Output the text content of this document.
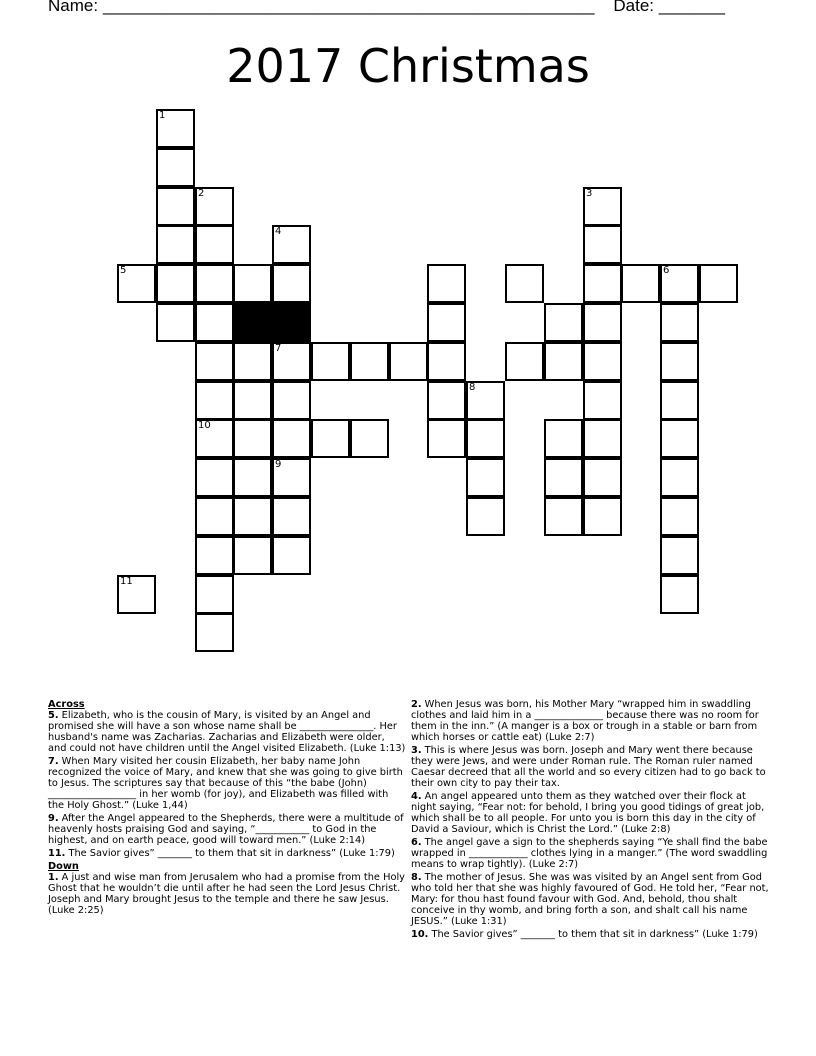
Name: ____________________________________________________ Date: _______
2017 Christmas
1
2
10
4
7
9
8
3
6
5
11
Across
5. Elizabeth, who is the cousin of Mary, is visited by an Angel and promised she will have a son whose name shall be _______________. Her husband's name was Zacharias. Zacharias and Elizabeth were older, and could not have children until the Angel visited Elizabeth. (Luke 1:13)
7. When Mary visited her cousin Elizabeth, her baby name John recognized the voice of Mary, and knew that she was going to give birth to Jesus. The scriptures say that because of this “the babe (John) __________________ in her womb (for joy), and Elizabeth was filled with the Holy Ghost.” (Luke 1,44)
9. After the Angel appeared to the Shepherds, there were a multitude of heavenly hosts praising God and saying, “___________ to God in the highest, and on earth peace, good will toward men.” (Luke 2:14)
11. The Savior gives” _______ to them that sit in darkness” (Luke 1:79)
Down
1. A just and wise man from Jerusalem who had a promise from the Holy Ghost that he wouldn’t die until after he had seen the Lord Jesus Christ. Joseph and Mary brought Jesus to the temple and there he saw Jesus. (Luke 2:25)
2. When Jesus was born, his Mother Mary “wrapped him in swaddling clothes and laid him in a ______________ because there was no room for them in the inn.” (A manger is a box or trough in a stable or barn from which horses or cattle eat) (Luke 2:7)
3. This is where Jesus was born. Joseph and Mary went there because they were Jews, and were under Roman rule. The Roman ruler named Caesar decreed that all the world and so every citizen had to go back to their own city to pay their tax.
4. An angel appeared unto them as they watched over their flock at night saying, “Fear not: for behold, I bring you good tidings of great job, which shall be to all people. For unto you is born this day in the city of David a Saviour, which is Christ the Lord.” (Luke 2:8)
6. The angel gave a sign to the shepherds saying “Ye shall find the babe wrapped in ____________ clothes lying in a manger.” (The word swaddling means to wrap tightly). (Luke 2:7)
8. The mother of Jesus. She was was visited by an Angel sent from God who told her that she was highly favoured of God. He told her, “Fear not, Mary: for thou hast found favour with God. And, behold, thou shalt conceive in thy womb, and bring forth a son, and shalt call his name JESUS.” (Luke 1:31)
10. The Savior gives” _______ to them that sit in darkness” (Luke 1:79)
